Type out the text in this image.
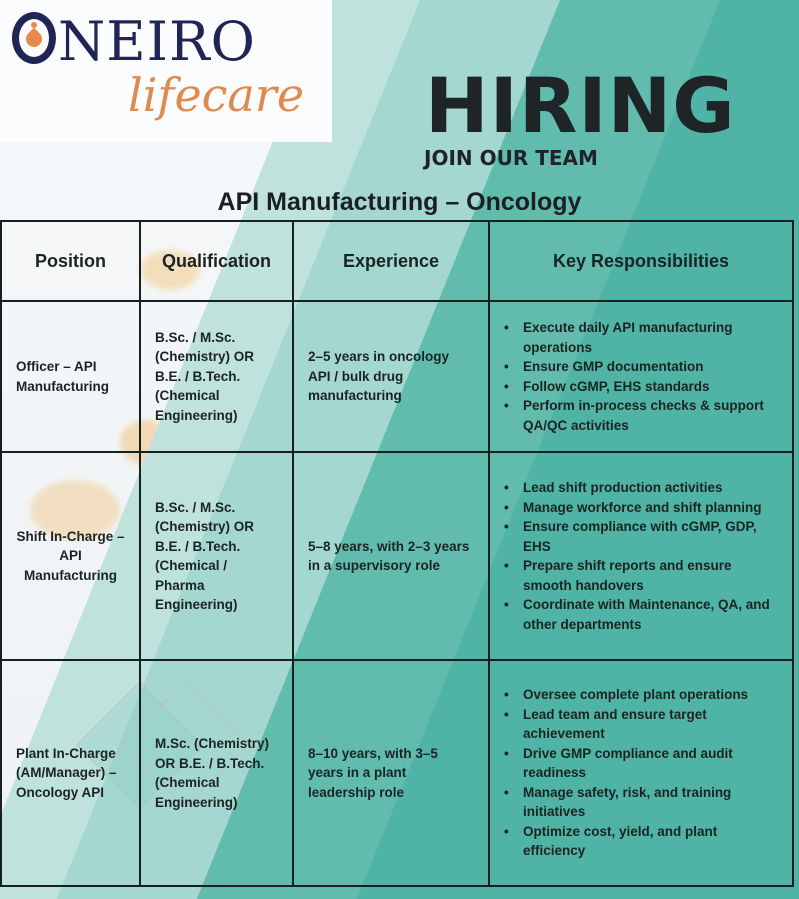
NEIRO
lifecare HIRING
JOIN OUR TEAM
API Manufacturing – Oncology
Position	Qualification	Experience	Key Responsibilities
Officer – API Manufacturing	B.Sc. / M.Sc. (Chemistry) OR B.E. / B.Tech. (Chemical Engineering)	2–5 years in oncology API / bulk drug manufacturing	
• Execute daily API manufacturing operations
• Ensure GMP documentation
• Follow cGMP, EHS standards
• Perform in-process checks & support QA/QC activities

Shift In-Charge – API Manufacturing	B.Sc. / M.Sc. (Chemistry) OR B.E. / B.Tech. (Chemical / Pharma Engineering)	5–8 years, with 2–3 years in a supervisory role	
• Lead shift production activities
• Manage workforce and shift planning
• Ensure compliance with cGMP, GDP, EHS
• Prepare shift reports and ensure smooth handovers
• Coordinate with Maintenance, QA, and other departments

Plant In-Charge (AM/Manager) – Oncology API	M.Sc. (Chemistry) OR B.E. / B.Tech. (Chemical Engineering)	8–10 years, with 3–5 years in a plant leadership role	
• Oversee complete plant operations
• Lead team and ensure target achievement
• Drive GMP compliance and audit readiness
• Manage safety, risk, and training initiatives
• Optimize cost, yield, and plant efficiency
